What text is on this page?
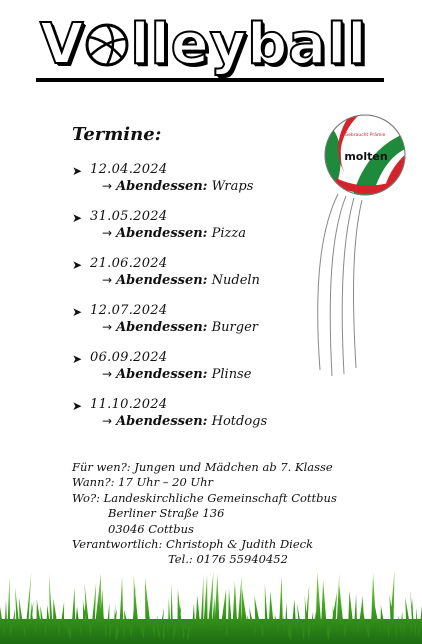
V lleyball
molten
Gebraucht Prämie
Termine:
➤ 12.04.2024
→ Abendessen: Wraps
➤ 31.05.2024
→ Abendessen: Pizza
➤ 21.06.2024
→ Abendessen: Nudeln
➤ 12.07.2024
→ Abendessen: Burger
➤ 06.09.2024
→ Abendessen: Plinse
➤ 11.10.2024
→ Abendessen: Hotdogs
Für wen?: Jungen und Mädchen ab 7. Klasse
Wann?: 17 Uhr – 20 Uhr
Wo?: Landeskirchliche Gemeinschaft Cottbus
Berliner Straße 136
03046 Cottbus
Verantwortlich: Christoph & Judith Dieck
Tel.: 0176 55940452
